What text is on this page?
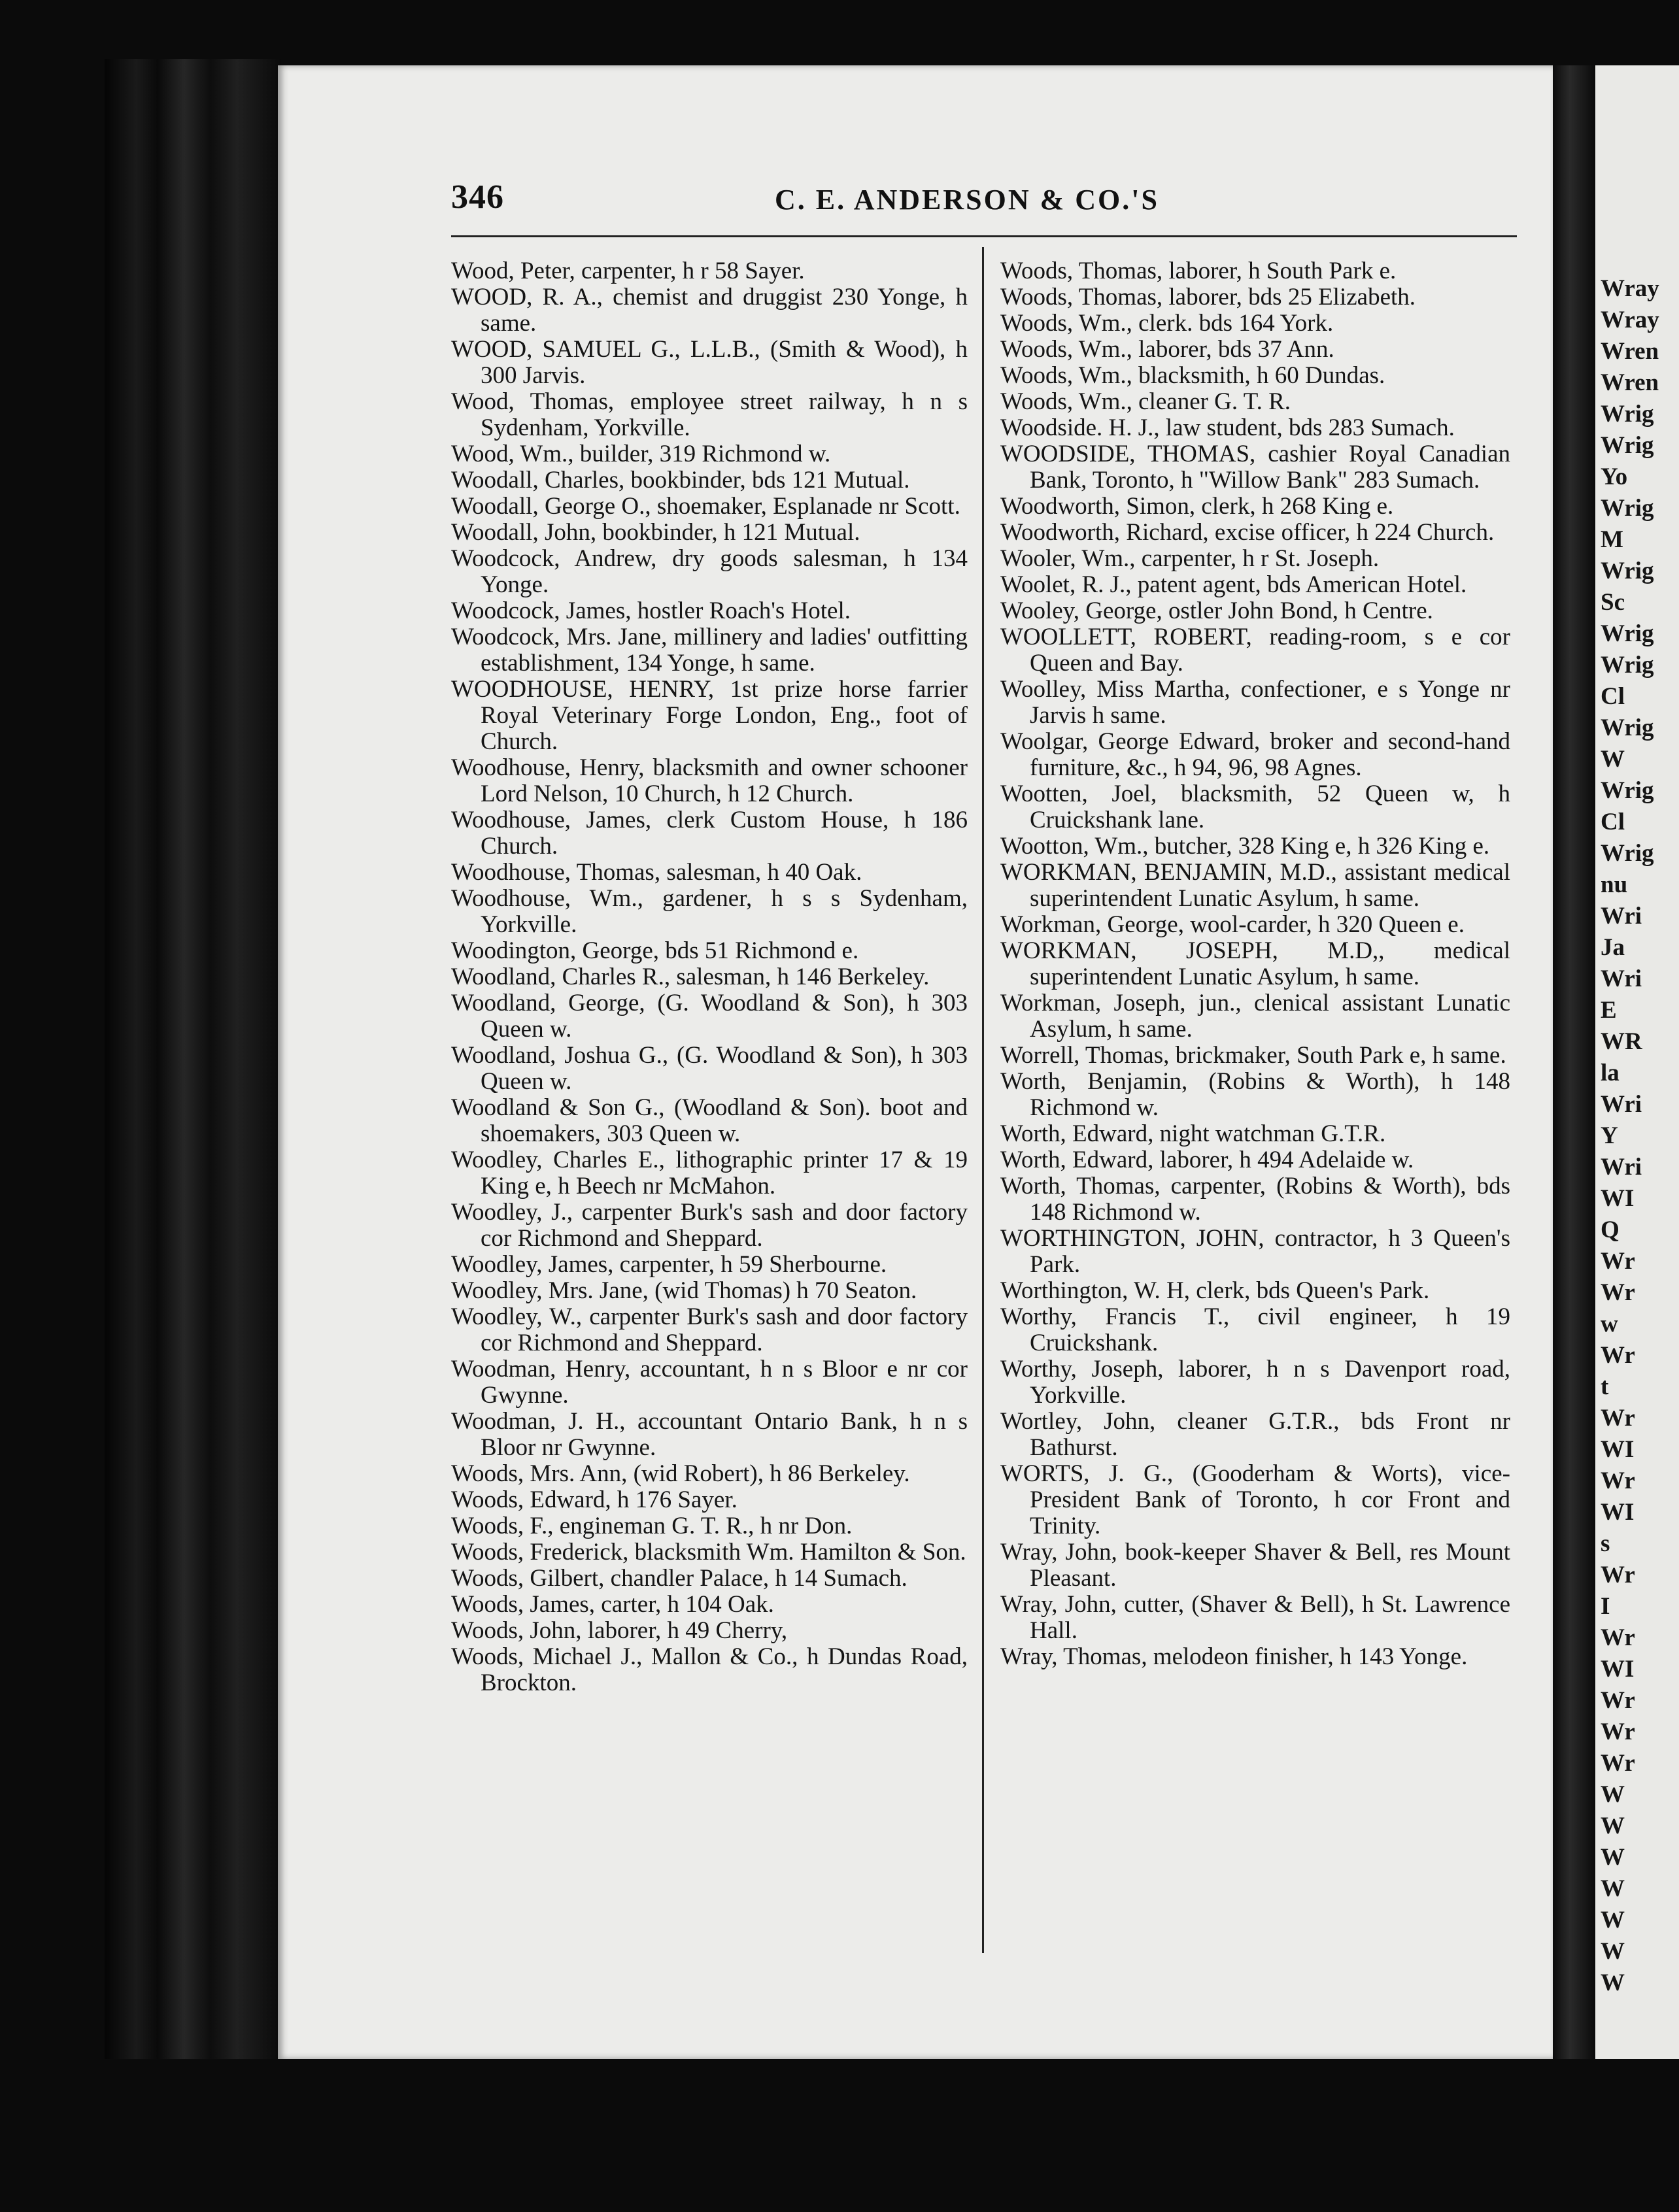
346	C. E. ANDERSON & CO.'S

Wood, Peter, carpenter, h r 58 Sayer.

WOOD, R. A., chemist and druggist 230 Yonge, h same.

WOOD, SAMUEL G., L.L.B., (Smith & Wood), h 300 Jarvis.

Wood, Thomas, employee street railway, h n s Sydenham, Yorkville.

Wood, Wm., builder, 319 Richmond w.

Woodall, Charles, bookbinder, bds 121 Mutual.

Woodall, George O., shoemaker, Esplanade nr Scott.

Woodall, John, bookbinder, h 121 Mutual.

Woodcock, Andrew, dry goods salesman, h 134 Yonge.

Woodcock, James, hostler Roach's Hotel.

Woodcock, Mrs. Jane, millinery and ladies' outfitting establishment, 134 Yonge, h same.

WOODHOUSE, HENRY, 1st prize horse farrier Royal Veterinary Forge London, Eng., foot of Church.

Woodhouse, Henry, blacksmith and owner schooner Lord Nelson, 10 Church, h 12 Church.

Woodhouse, James, clerk Custom House, h 186 Church.

Woodhouse, Thomas, salesman, h 40 Oak.

Woodhouse, Wm., gardener, h s s Sydenham, Yorkville.

Woodington, George, bds 51 Richmond e.

Woodland, Charles R., salesman, h 146 Berkeley.

Woodland, George, (G. Woodland & Son), h 303 Queen w.

Woodland, Joshua G., (G. Woodland & Son), h 303 Queen w.

Woodland & Son G., (Woodland & Son). boot and shoemakers, 303 Queen w.

Woodley, Charles E., lithographic printer 17 & 19 King e, h Beech nr McMahon.

Woodley, J., carpenter Burk's sash and door factory cor Richmond and Sheppard.

Woodley, James, carpenter, h 59 Sherbourne.

Woodley, Mrs. Jane, (wid Thomas) h 70 Seaton.

Woodley, W., carpenter Burk's sash and door factory cor Richmond and Sheppard.

Woodman, Henry, accountant, h n s Bloor e nr cor Gwynne.

Woodman, J. H., accountant Ontario Bank, h n s Bloor nr Gwynne.

Woods, Mrs. Ann, (wid Robert), h 86 Berkeley.

Woods, Edward, h 176 Sayer.

Woods, F., engineman G. T. R., h nr Don.

Woods, Frederick, blacksmith Wm. Hamilton & Son.

Woods, Gilbert, chandler Palace, h 14 Sumach.

Woods, James, carter, h 104 Oak.

Woods, John, laborer, h 49 Cherry,

Woods, Michael J., Mallon & Co., h Dundas Road, Brockton.

Woods, Thomas, laborer, h South Park e.

Woods, Thomas, laborer, bds 25 Elizabeth.

Woods, Wm., clerk. bds 164 York.

Woods, Wm., laborer, bds 37 Ann.

Woods, Wm., blacksmith, h 60 Dundas.

Woods, Wm., cleaner G. T. R.

Woodside. H. J., law student, bds 283 Sumach.

WOODSIDE, THOMAS, cashier Royal Canadian Bank, Toronto, h "Willow Bank" 283 Sumach.

Woodworth, Simon, clerk, h 268 King e.

Woodworth, Richard, excise officer, h 224 Church.

Wooler, Wm., carpenter, h r St. Joseph.

Woolet, R. J., patent agent, bds American Hotel.

Wooley, George, ostler John Bond, h Centre.

WOOLLETT, ROBERT, reading-room, s e cor Queen and Bay.

Woolley, Miss Martha, confectioner, e s Yonge nr Jarvis h same.

Woolgar, George Edward, broker and second-hand furniture, &c., h 94, 96, 98 Agnes.

Wootten, Joel, blacksmith, 52 Queen w, h Cruickshank lane.

Wootton, Wm., butcher, 328 King e, h 326 King e.

WORKMAN, BENJAMIN, M.D., assistant medical superintendent Lunatic Asylum, h same.

Workman, George, wool-carder, h 320 Queen e.

WORKMAN, JOSEPH, M.D,, medical superintendent Lunatic Asylum, h same.

Workman, Joseph, jun., clenical assistant Lunatic Asylum, h same.

Worrell, Thomas, brickmaker, South Park e, h same.

Worth, Benjamin, (Robins & Worth), h 148 Richmond w.

Worth, Edward, night watchman G.T.R.

Worth, Edward, laborer, h 494 Adelaide w.

Worth, Thomas, carpenter, (Robins & Worth), bds 148 Richmond w.

WORTHINGTON, JOHN, contractor, h 3 Queen's Park.

Worthington, W. H, clerk, bds Queen's Park.

Worthy, Francis T., civil engineer, h 19 Cruickshank.

Worthy, Joseph, laborer, h n s Davenport road, Yorkville.

Wortley, John, cleaner G.T.R., bds Front nr Bathurst.

WORTS, J. G., (Gooderham & Worts), vice-President Bank of Toronto, h cor Front and Trinity.

Wray, John, book-keeper Shaver & Bell, res Mount Pleasant.

Wray, John, cutter, (Shaver & Bell), h St. Lawrence Hall.

Wray, Thomas, melodeon finisher, h 143 Yonge.

Wray
Wray
Wren
Wren
Wrig
Wrig
Yo
Wrig
M
Wrig
Sc
Wrig
Wrig
Cl
Wrig
W
Wrig
Cl
Wrig
nu
Wri
Ja
Wri
E
WR
la
Wri
Y
Wri
WI
Q
Wr
Wr
w
Wr
t
Wr
WI
Wr
WI
s
Wr
I
Wr
WI
Wr
Wr
Wr
W
W
W
W
W
W
W
